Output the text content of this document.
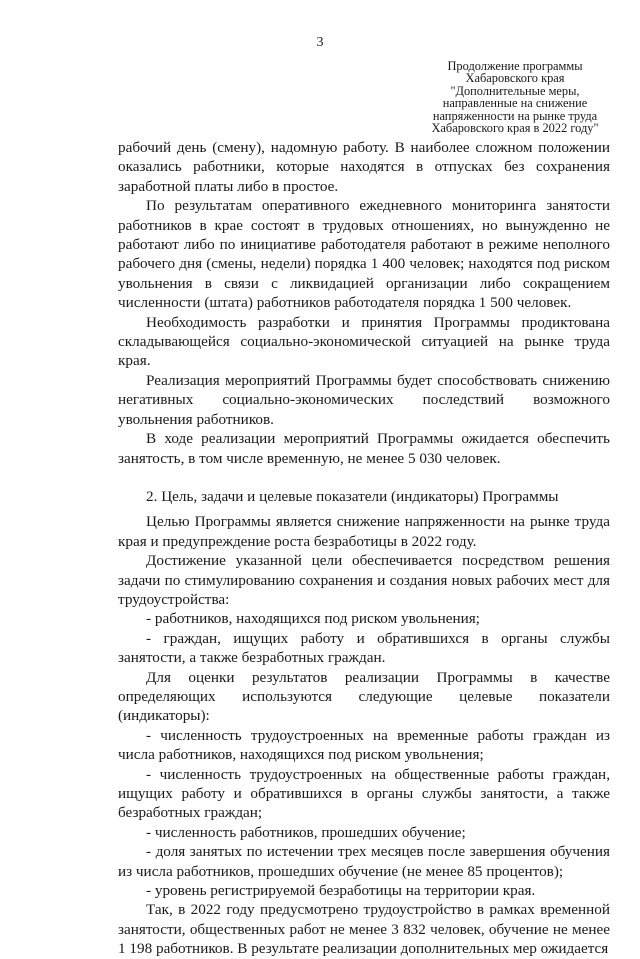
3
Продолжение программы
Хабаровского края
"Дополнительные меры,
направленные на снижение
напряженности на рынке труда
Хабаровского края в 2022 году"

рабочий день (смену), надомную работу. В наиболее сложном положении оказались работники, которые находятся в отпусках без сохранения заработной платы либо в простое.

По результатам оперативного ежедневного мониторинга занятости работников в крае состоят в трудовых отношениях, но вынужденно не работают либо по инициативе работодателя работают в режиме неполного рабочего дня (смены, недели) порядка 1 400 человек; находятся под риском увольнения в связи с ликвидацией организации либо сокращением численности (штата) работников работодателя порядка 1 500 человек.

Необходимость разработки и принятия Программы продиктована складывающейся социально-экономической ситуацией на рынке труда края.

Реализация мероприятий Программы будет способствовать снижению негативных социально-экономических последствий возможного увольнения работников.

В ходе реализации мероприятий Программы ожидается обеспечить занятость, в том числе временную, не менее 5 030 человек.

2. Цель, задачи и целевые показатели (индикаторы) Программы

Целью Программы является снижение напряженности на рынке труда края и предупреждение роста безработицы в 2022 году.

Достижение указанной цели обеспечивается посредством решения задачи по стимулированию сохранения и создания новых рабочих мест для трудоустройства:

- работников, находящихся под риском увольнения;

- граждан, ищущих работу и обратившихся в органы службы занятости, а также безработных граждан.

Для оценки результатов реализации Программы в качестве определяющих используются следующие целевые показатели (индикаторы):

- численность трудоустроенных на временные работы граждан из числа работников, находящихся под риском увольнения;

- численность трудоустроенных на общественные работы граждан, ищущих работу и обратившихся в органы службы занятости, а также безработных граждан;

- численность работников, прошедших обучение;

- доля занятых по истечении трех месяцев после завершения обучения из числа работников, прошедших обучение (не менее 85 процентов);

- уровень регистрируемой безработицы на территории края.

Так, в 2022 году предусмотрено трудоустройство в рамках временной занятости, общественных работ не менее 3 832 человек, обучение не менее 1 198 работников. В результате реализации дополнительных мер ожидается
